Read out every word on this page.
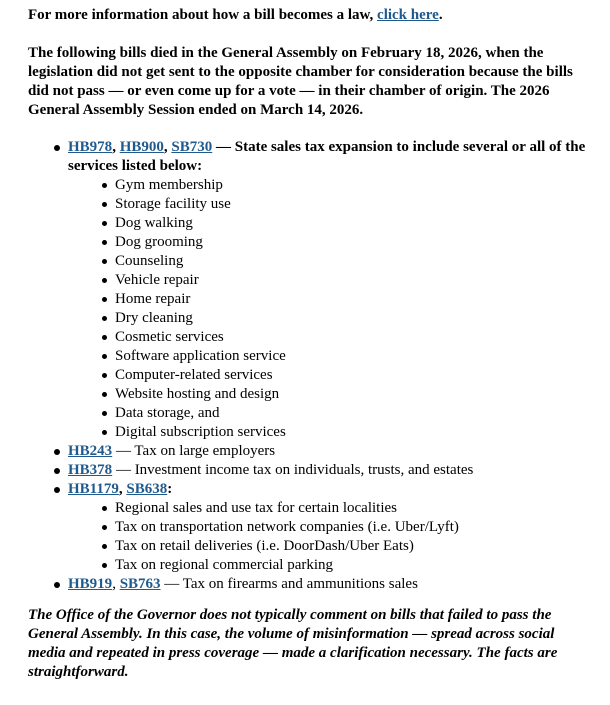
For more information about how a bill becomes a law, click here.

The following bills died in the General Assembly on February 18, 2026, when the legislation did not get sent to the opposite chamber for consideration because the bills did not pass — or even come up for a vote — in their chamber of origin. The 2026 General Assembly Session ended on March 14, 2026.

HB978, HB900, SB730 — State sales tax expansion to include several or all of the services listed below:
Gym membership
Storage facility use
Dog walking
Dog grooming
Counseling
Vehicle repair
Home repair
Dry cleaning
Cosmetic services
Software application service
Computer-related services
Website hosting and design
Data storage, and
Digital subscription services
HB243 — Tax on large employers
HB378 — Investment income tax on individuals, trusts, and estates
HB1179, SB638:
Regional sales and use tax for certain localities
Tax on transportation network companies (i.e. Uber/Lyft)
Tax on retail deliveries (i.e. DoorDash/Uber Eats)
Tax on regional commercial parking
HB919, SB763 — Tax on firearms and ammunitions sales

The Office of the Governor does not typically comment on bills that failed to pass the General Assembly. In this case, the volume of misinformation — spread across social media and repeated in press coverage — made a clarification necessary. The facts are straightforward.
